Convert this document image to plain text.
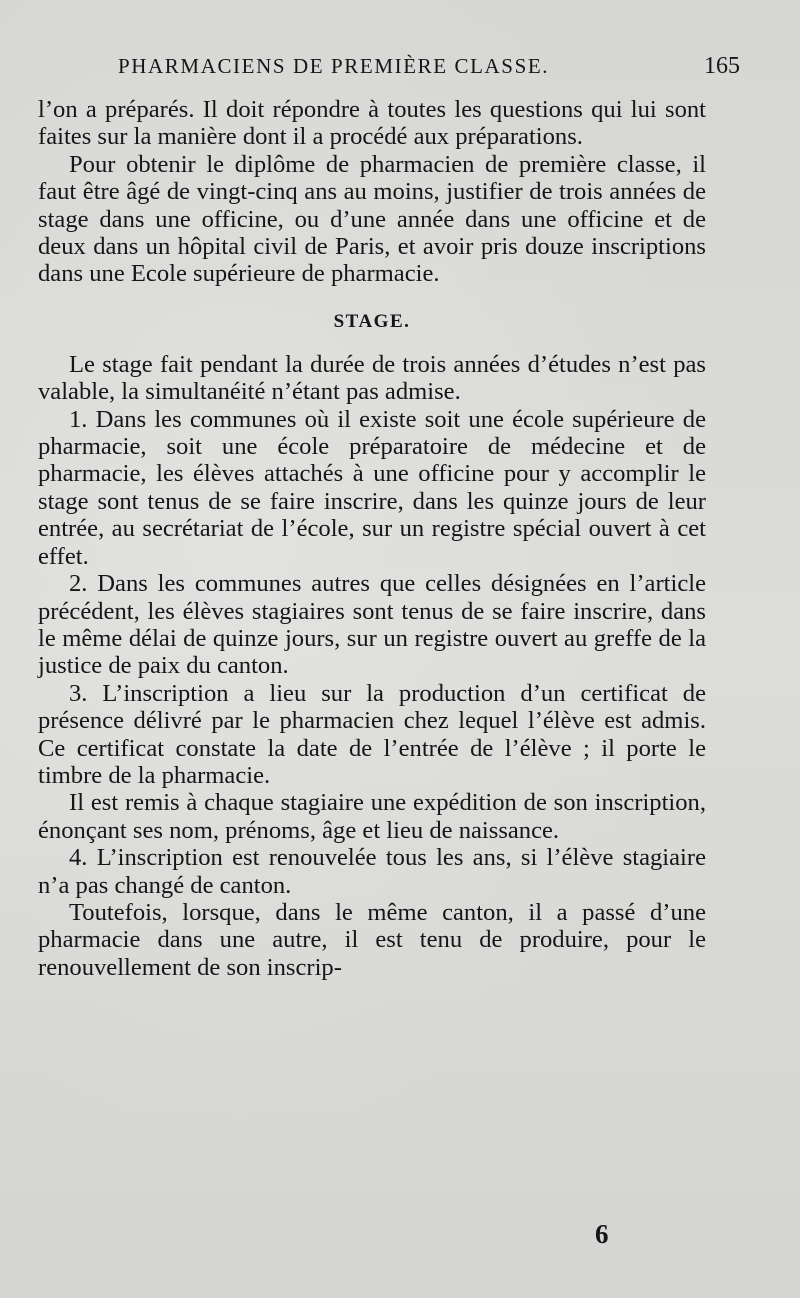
PHARMACIENS DE PREMIÈRE CLASSE.	165

l’on a préparés. Il doit répondre à toutes les questions qui lui sont faites sur la manière dont il a procédé aux préparations.

Pour obtenir le diplôme de pharmacien de première classe, il faut être âgé de vingt-cinq ans au moins, justifier de trois années de stage dans une officine, ou d’une année dans une officine et de deux dans un hôpital civil de Paris, et avoir pris douze inscriptions dans une Ecole supérieure de pharmacie.

STAGE.

Le stage fait pendant la durée de trois années d’études n’est pas valable, la simultanéité n’étant pas admise.

1. Dans les communes où il existe soit une école supérieure de pharmacie, soit une école préparatoire de médecine et de pharmacie, les élèves attachés à une officine pour y accomplir le stage sont tenus de se faire inscrire, dans les quinze jours de leur entrée, au secrétariat de l’école, sur un registre spécial ouvert à cet effet.

2. Dans les communes autres que celles désignées en l’article précédent, les élèves stagiaires sont tenus de se faire inscrire, dans le même délai de quinze jours, sur un registre ouvert au greffe de la justice de paix du canton.

3. L’inscription a lieu sur la production d’un certificat de présence délivré par le pharmacien chez lequel l’élève est admis. Ce certificat constate la date de l’entrée de l’élève ; il porte le timbre de la pharmacie.

Il est remis à chaque stagiaire une expédition de son inscription, énonçant ses nom, prénoms, âge et lieu de naissance.

4. L’inscription est renouvelée tous les ans, si l’élève stagiaire n’a pas changé de canton.

Toutefois, lorsque, dans le même canton, il a passé d’une pharmacie dans une autre, il est tenu de produire, pour le renouvellement de son inscrip-

6
